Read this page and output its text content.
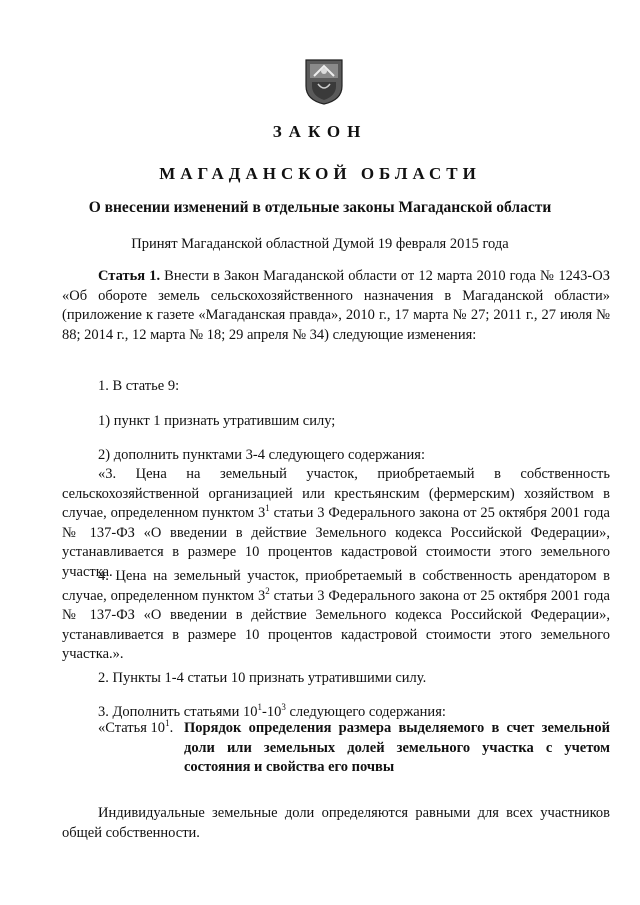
ЗАКОН
МАГАДАНСКОЙ ОБЛАСТИ
О внесении изменений в отдельные законы Магаданской области
Принят Магаданской областной Думой 19 февраля 2015 года
Статья 1. Внести в Закон Магаданской области от 12 марта 2010 года № 1243-ОЗ «Об обороте земель сельскохозяйственного назначения в Магаданской области» (приложение к газете «Магаданская правда», 2010 г., 17 марта № 27; 2011 г., 27 июля № 88; 2014 г., 12 марта № 18; 29 апреля № 34) следующие изменения:
1. В статье 9:
1) пункт 1 признать утратившим силу;
2) дополнить пунктами 3-4 следующего содержания:
«3. Цена на земельный участок, приобретаемый в собственность сельскохозяйственной организацией или крестьянским (фермерским) хозяйством в случае, определенном пунктом $3^1$ статьи 3 Федерального закона от 25 октября 2001 года № 137-ФЗ «О введении в действие Земельного кодекса Российской Федерации», устанавливается в размере 10 процентов кадастровой стоимости этого земельного участка.
4. Цена на земельный участок, приобретаемый в собственность арендатором в случае, определенном пунктом $3^2$ статьи 3 Федерального закона от 25 октября 2001 года № 137-ФЗ «О введении в действие Земельного кодекса Российской Федерации», устанавливается в размере 10 процентов кадастровой стоимости этого земельного участка.».
2. Пункты 1-4 статьи 10 признать утратившими силу.
3. Дополнить статьями $10^1-10^3$ следующего содержания:
«Статья $10^1$. Порядок определения размера выделяемого в счет земельной доли или земельных долей земельного участка с учетом состояния и свойства его почвы
Индивидуальные земельные доли определяются равными для всех участников общей собственности.
